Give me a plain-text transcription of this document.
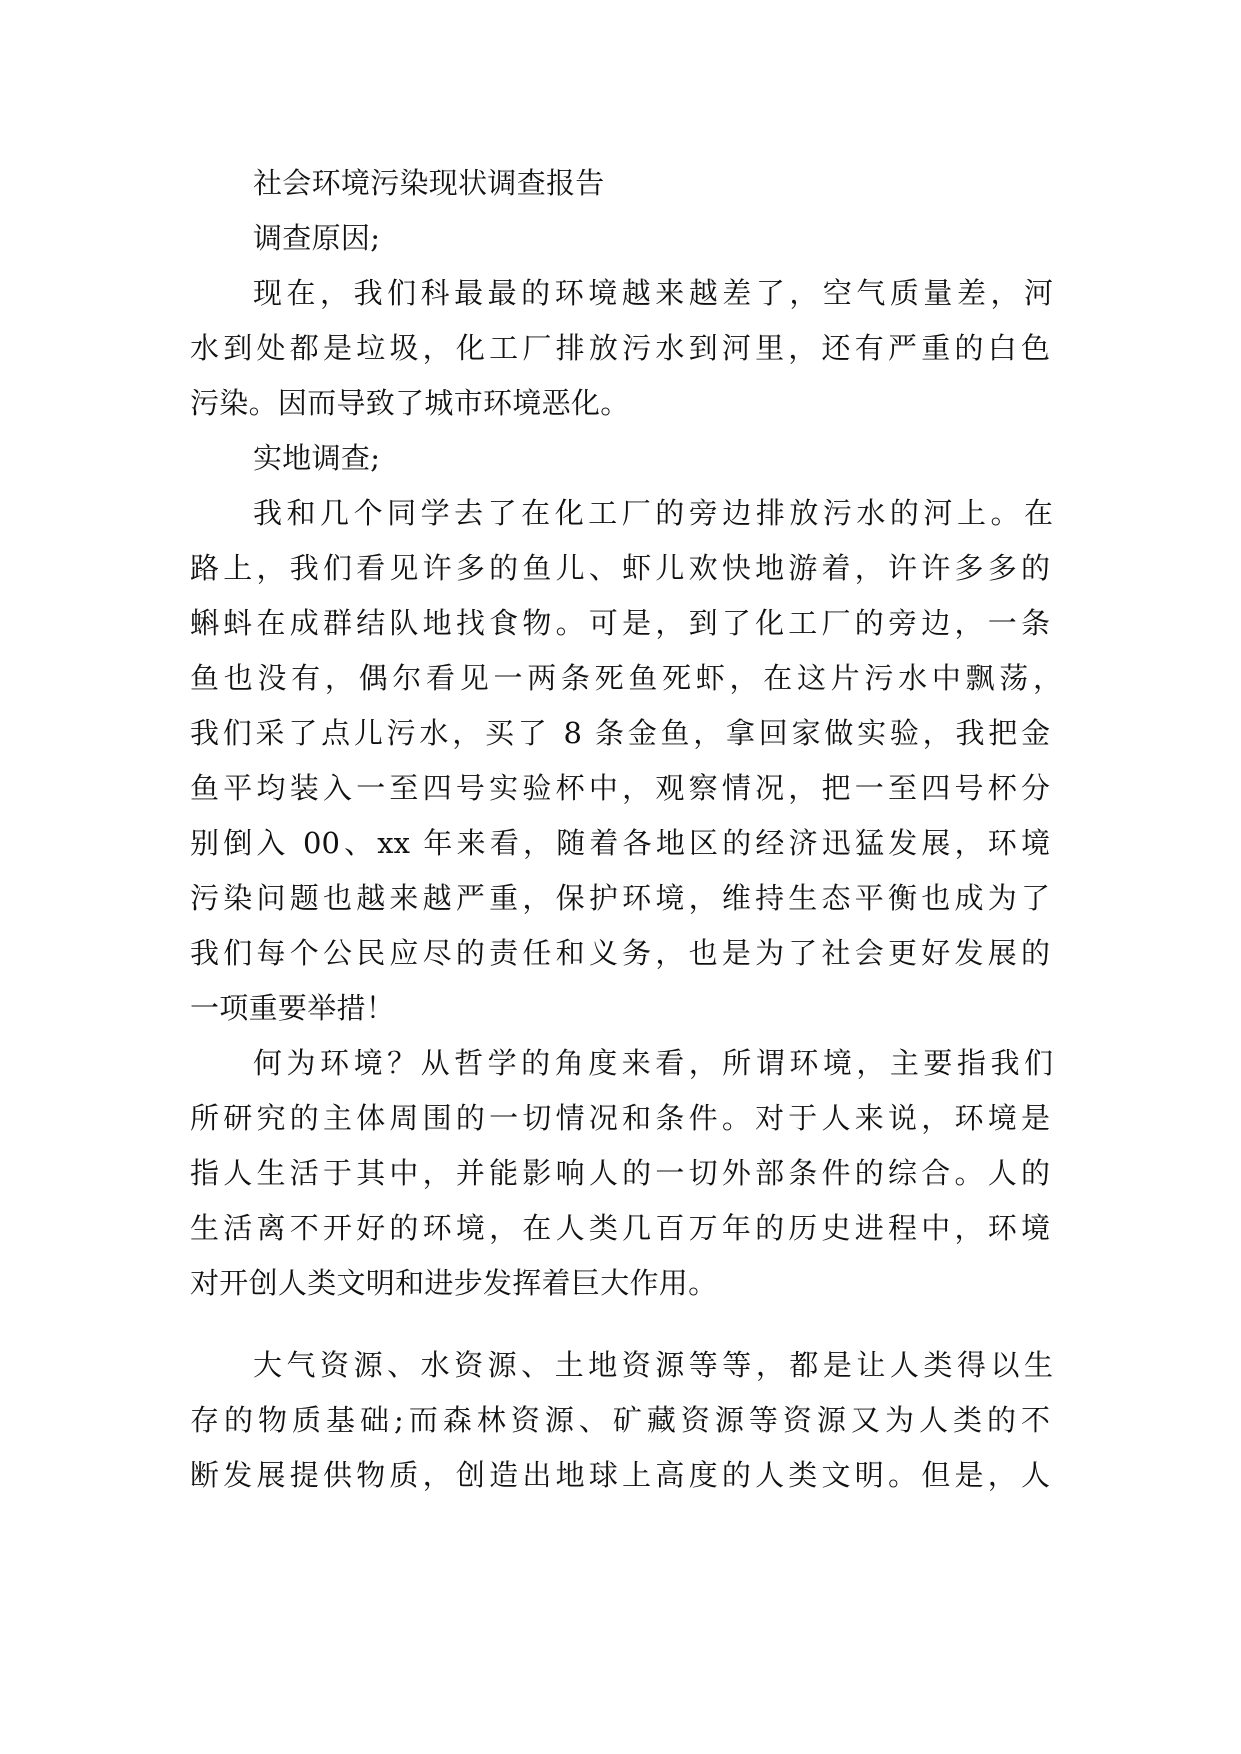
社会环境污染现状调查报告
调查原因;
现在，我们科最最的环境越来越差了，空气质量差，河
水到处都是垃圾，化工厂排放污水到河里，还有严重的白色
污染。因而导致了城市环境恶化。
实地调查;
我和几个同学去了在化工厂的旁边排放污水的河上。在
路上，我们看见许多的鱼儿、虾儿欢快地游着，许许多多的
蝌蚪在成群结队地找食物。可是，到了化工厂的旁边，一条
鱼也没有，偶尔看见一两条死鱼死虾，在这片污水中飘荡，
我们采了点儿污水，买了 8 条金鱼，拿回家做实验，我把金
鱼平均装入一至四号实验杯中，观察情况，把一至四号杯分
别倒入 00、xx 年来看，随着各地区的经济迅猛发展，环境
污染问题也越来越严重，保护环境，维持生态平衡也成为了
我们每个公民应尽的责任和义务，也是为了社会更好发展的
一项重要举措！
何为环境？从哲学的角度来看，所谓环境，主要指我们
所研究的主体周围的一切情况和条件。对于人来说，环境是
指人生活于其中，并能影响人的一切外部条件的综合。人的
生活离不开好的环境，在人类几百万年的历史进程中，环境
对开创人类文明和进步发挥着巨大作用。
大气资源、水资源、土地资源等等，都是让人类得以生
存的物质基础;而森林资源、矿藏资源等资源又为人类的不
断发展提供物质，创造出地球上高度的人类文明。但是，人
